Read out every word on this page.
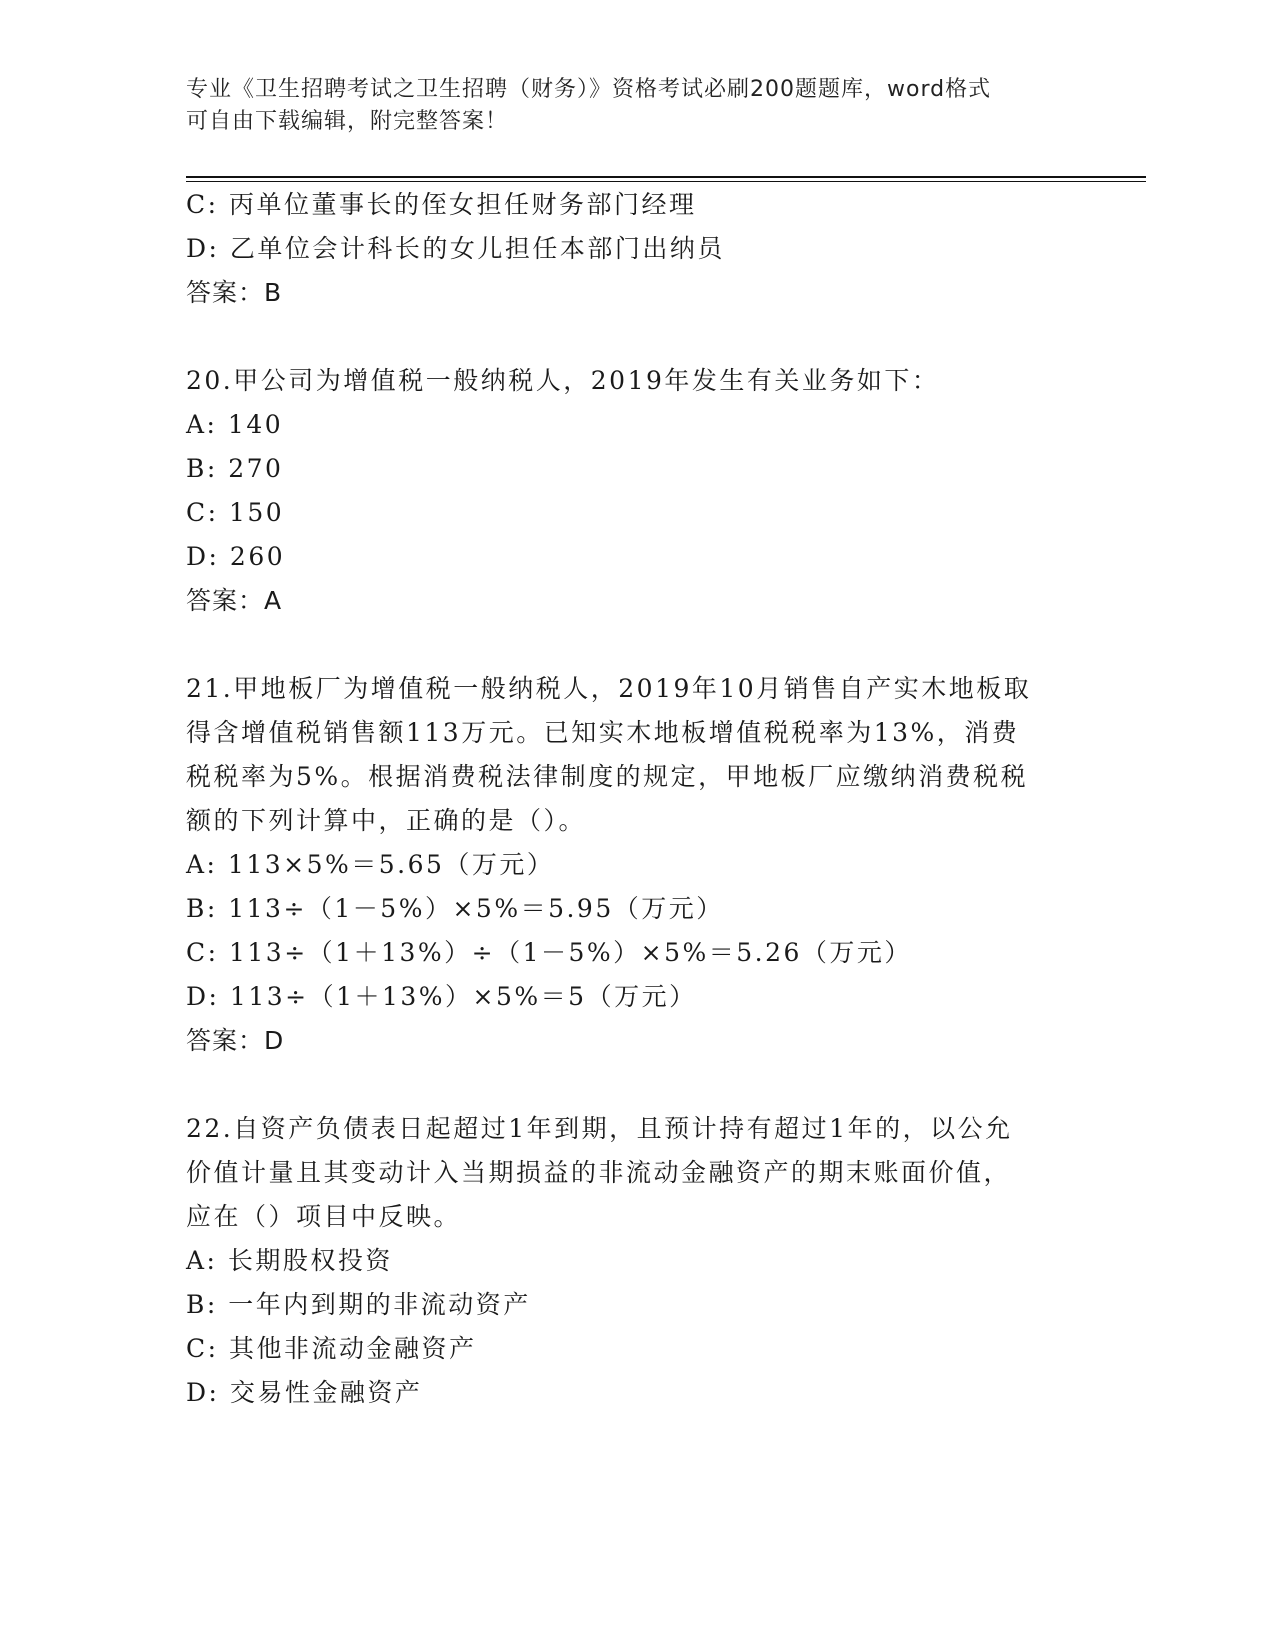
专业《卫生招聘考试之卫生招聘（财务）》资格考试必刷200题题库，word格式
可自由下载编辑，附完整答案！
C: 丙单位董事长的侄女担任财务部门经理
D: 乙单位会计科长的女儿担任本部门出纳员
答案：B
20.甲公司为增值税一般纳税人，2019年发生有关业务如下：
A: 140
B: 270
C: 150
D: 260
答案：A
21.甲地板厂为增值税一般纳税人，2019年10月销售自产实木地板取
得含增值税销售额113万元。已知实木地板增值税税率为13%，消费
税税率为5%。根据消费税法律制度的规定，甲地板厂应缴纳消费税税
额的下列计算中，正确的是（）。
A: 113×5%＝5.65（万元）
B: 113÷（1－5%）×5%＝5.95（万元）
C: 113÷（1＋13%）÷（1－5%）×5%＝5.26（万元）
D: 113÷（1＋13%）×5%＝5（万元）
答案：D
22.自资产负债表日起超过1年到期，且预计持有超过1年的，以公允
价值计量且其变动计入当期损益的非流动金融资产的期末账面价值，
应在（）项目中反映。
A: 长期股权投资
B: 一年内到期的非流动资产
C: 其他非流动金融资产
D: 交易性金融资产
